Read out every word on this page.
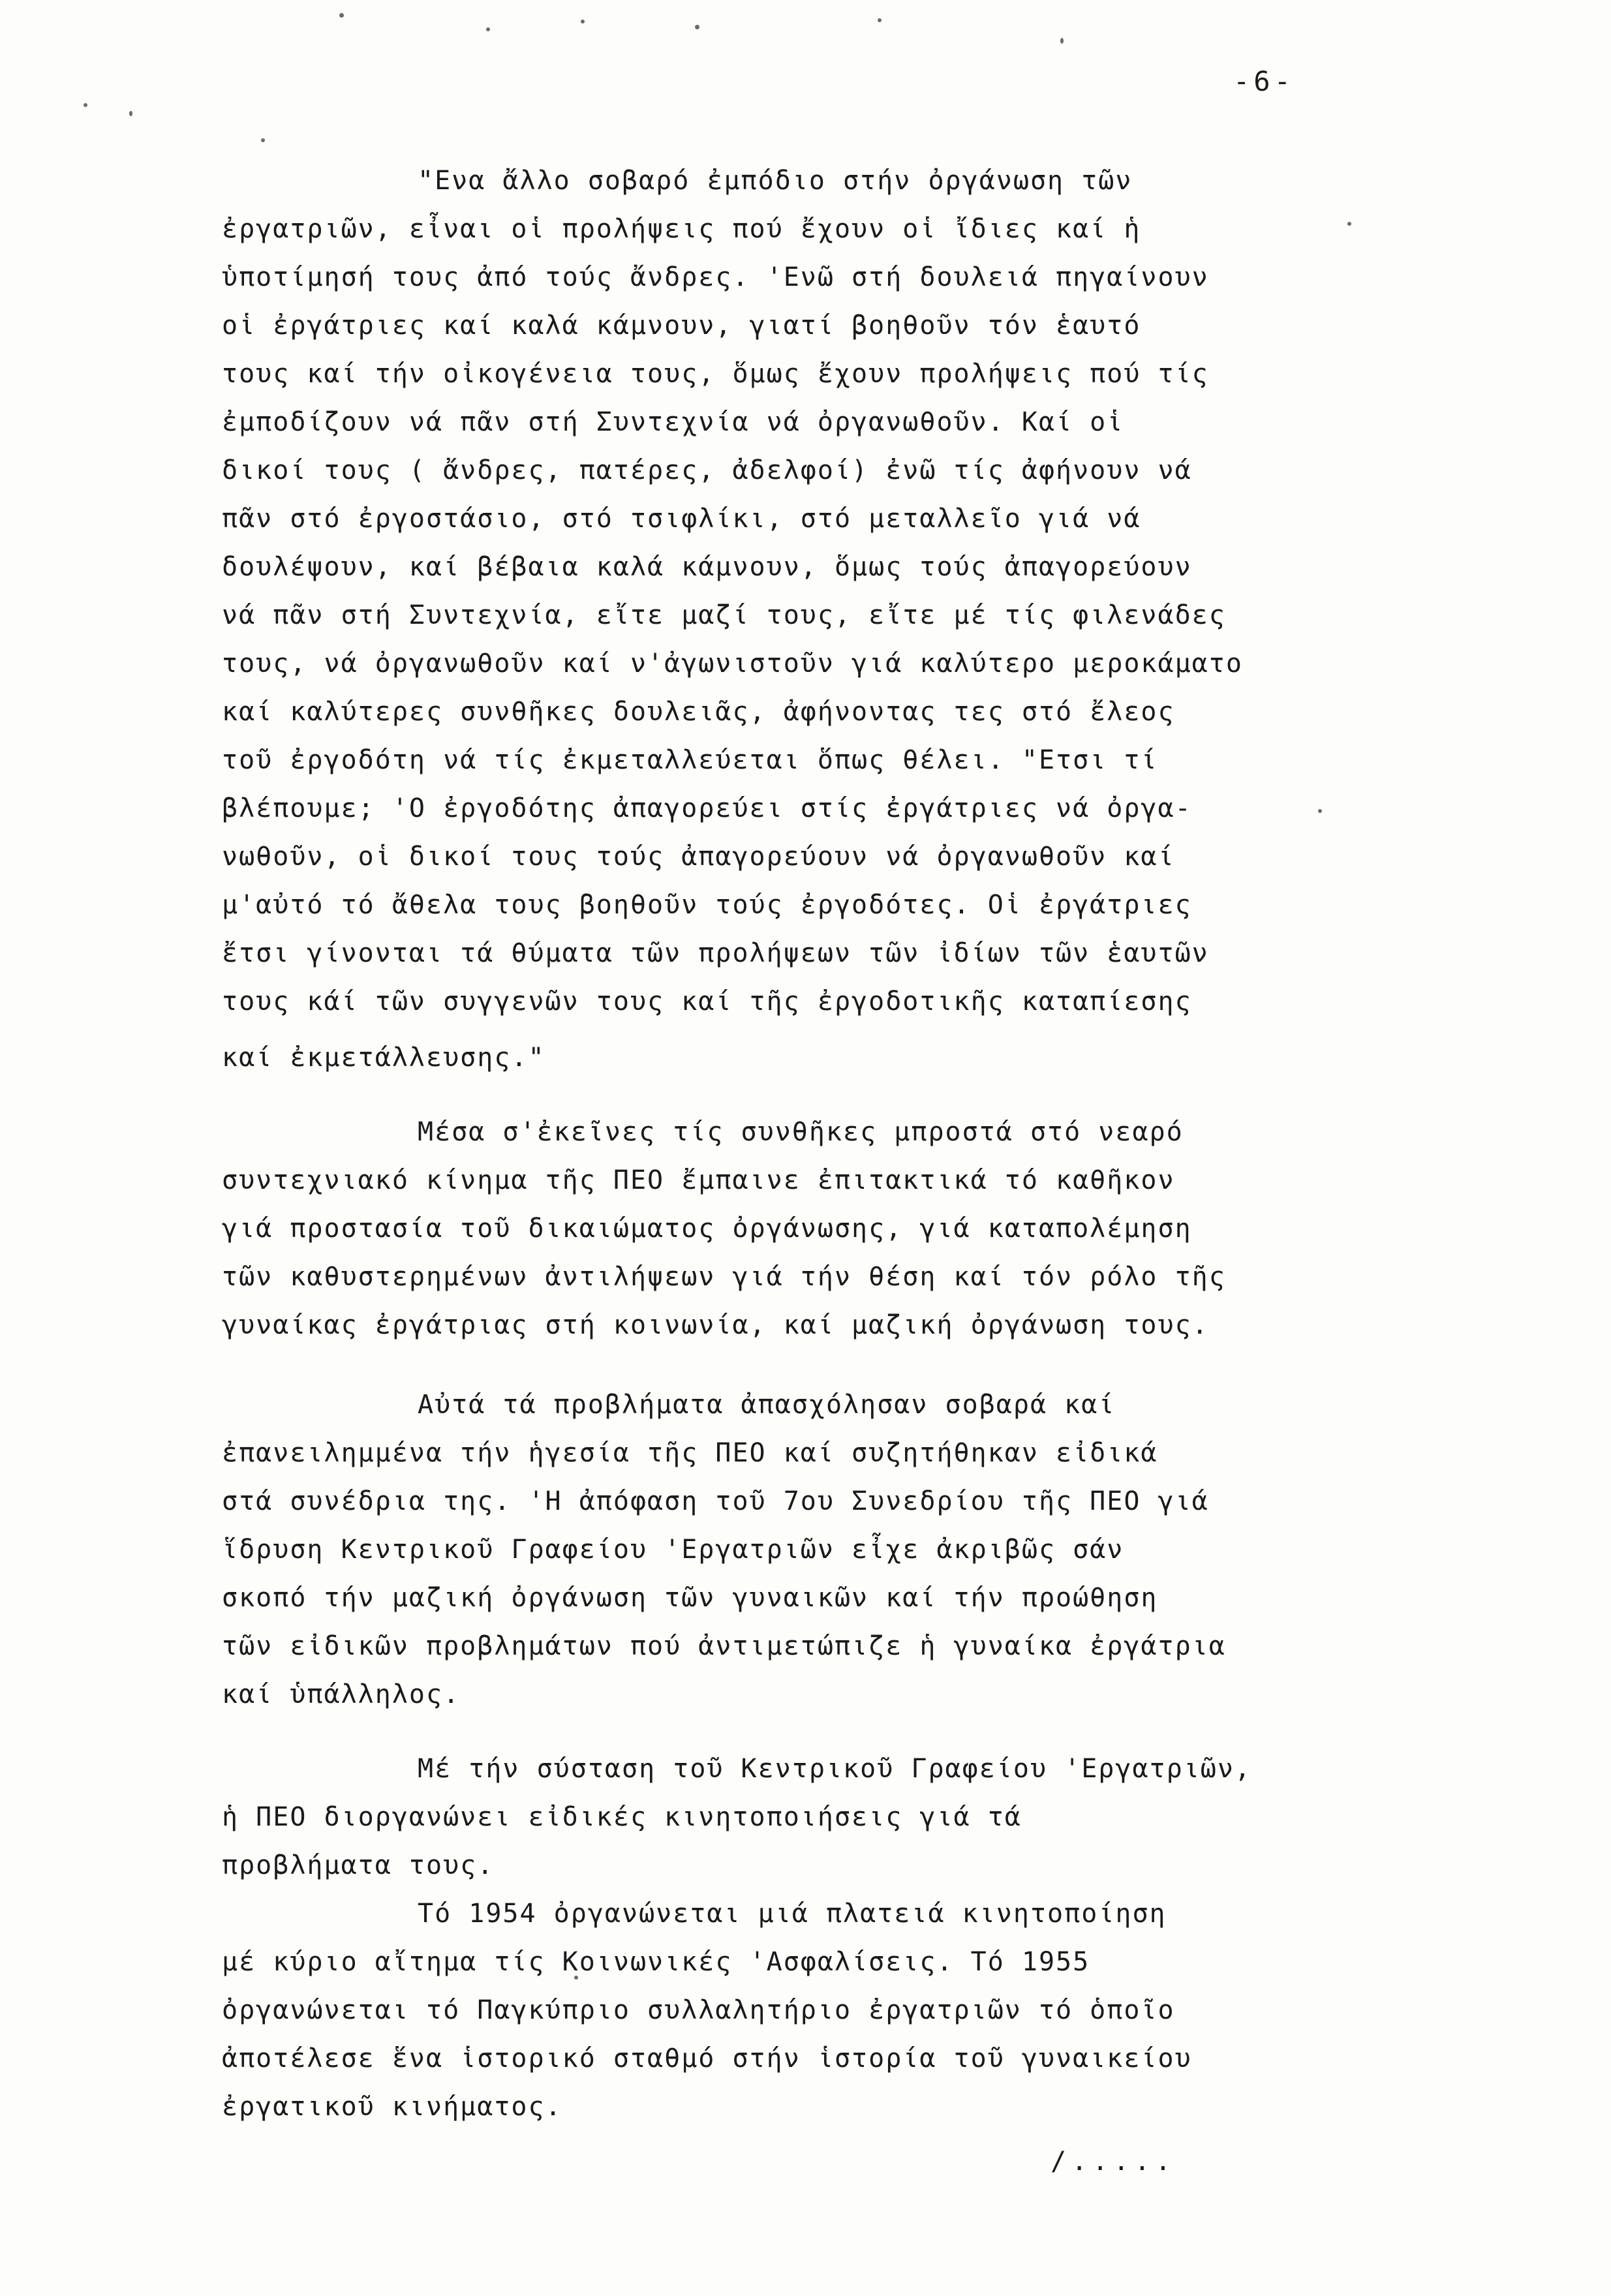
-6-
"Ενα ἄλλο σοβαρό ἐμπόδιο στήν ὀργάνωση τῶν
ἐργατριῶν, εἶναι οἱ προλήψεις πού ἔχουν οἱ ἴδιες καί ἡ
ὑποτίμησή τους ἀπό τούς ἄνδρες. 'Ενῶ στή δουλειά πηγαίνουν
οἱ ἐργάτριες καί καλά κάμνουν, γιατί βοηθοῦν τόν ἑαυτό
τους καί τήν οἰκογένεια τους, ὅμως ἔχουν προλήψεις πού τίς
ἐμποδίζουν νά πᾶν στή Συντεχνία νά ὀργανωθοῦν. Καί οἱ
δικοί τους ( ἄνδρες, πατέρες, ἀδελφοί) ἐνῶ τίς ἀφήνουν νά
πᾶν στό ἐργοστάσιο, στό τσιφλίκι, στό μεταλλεῖο γιά νά
δουλέψουν, καί βέβαια καλά κάμνουν, ὅμως τούς ἀπαγορεύουν
νά πᾶν στή Συντεχνία, εἴτε μαζί τους, εἴτε μέ τίς φιλενάδες
τους, νά ὀργανωθοῦν καί ν'ἀγωνιστοῦν γιά καλύτερο μεροκάματο
καί καλύτερες συνθῆκες δουλειᾶς, ἀφήνοντας τες στό ἔλεος
τοῦ ἐργοδότη νά τίς ἐκμεταλλεύεται ὅπως θέλει. "Ετσι τί
βλέπουμε; 'Ο ἐργοδότης ἀπαγορεύει στίς ἐργάτριες νά ὀργα-
νωθοῦν, οἱ δικοί τους τούς ἀπαγορεύουν νά ὀργανωθοῦν καί
μ'αὐτό τό ἄθελα τους βοηθοῦν τούς ἐργοδότες. Οἱ ἐργάτριες
ἔτσι γίνονται τά θύματα τῶν προλήψεων τῶν ἰδίων τῶν ἑαυτῶν
τους κάί τῶν συγγενῶν τους καί τῆς ἐργοδοτικῆς καταπίεσης
καί ἐκμετάλλευσης."
Μέσα σ'ἐκεῖνες τίς συνθῆκες μπροστά στό νεαρό
συντεχνιακό κίνημα τῆς ΠΕΟ ἔμπαινε ἐπιτακτικά τό καθῆκον
γιά προστασία τοῦ δικαιώματος ὀργάνωσης, γιά καταπολέμηση
τῶν καθυστερημένων ἀντιλήψεων γιά τήν θέση καί τόν ρόλο τῆς
γυναίκας ἐργάτριας στή κοινωνία, καί μαζική ὀργάνωση τους.
Αὐτά τά προβλήματα ἀπασχόλησαν σοβαρά καί
ἐπανειλημμένα τήν ἡγεσία τῆς ΠΕΟ καί συζητήθηκαν εἰδικά
στά συνέδρια της. 'Η ἀπόφαση τοῦ 7ου Συνεδρίου τῆς ΠΕΟ γιά
ἵδρυση Κεντρικοῦ Γραφείου 'Εργατριῶν εἶχε ἀκριβῶς σάν
σκοπό τήν μαζική ὀργάνωση τῶν γυναικῶν καί τήν προώθηση
τῶν εἰδικῶν προβλημάτων πού ἀντιμετώπιζε ἡ γυναίκα ἐργάτρια
καί ὑπάλληλος.
Μέ τήν σύσταση τοῦ Κεντρικοῦ Γραφείου 'Εργατριῶν,
ἡ ΠΕΟ διοργανώνει εἰδικές κινητοποιήσεις γιά τά
προβλήματα τους.
Τό 1954 ὀργανώνεται μιά πλατειά κινητοποίηση
μέ κύριο αἴτημα τίς Κοινωνικές 'Ασφαλίσεις. Τό 1955
ὀργανώνεται τό Παγκύπριο συλλαλητήριο ἐργατριῶν τό ὁποῖο
ἀποτέλεσε ἕνα ἱστορικό σταθμό στήν ἱστορία τοῦ γυναικείου
ἐργατικοῦ κινήματος.
/.....
